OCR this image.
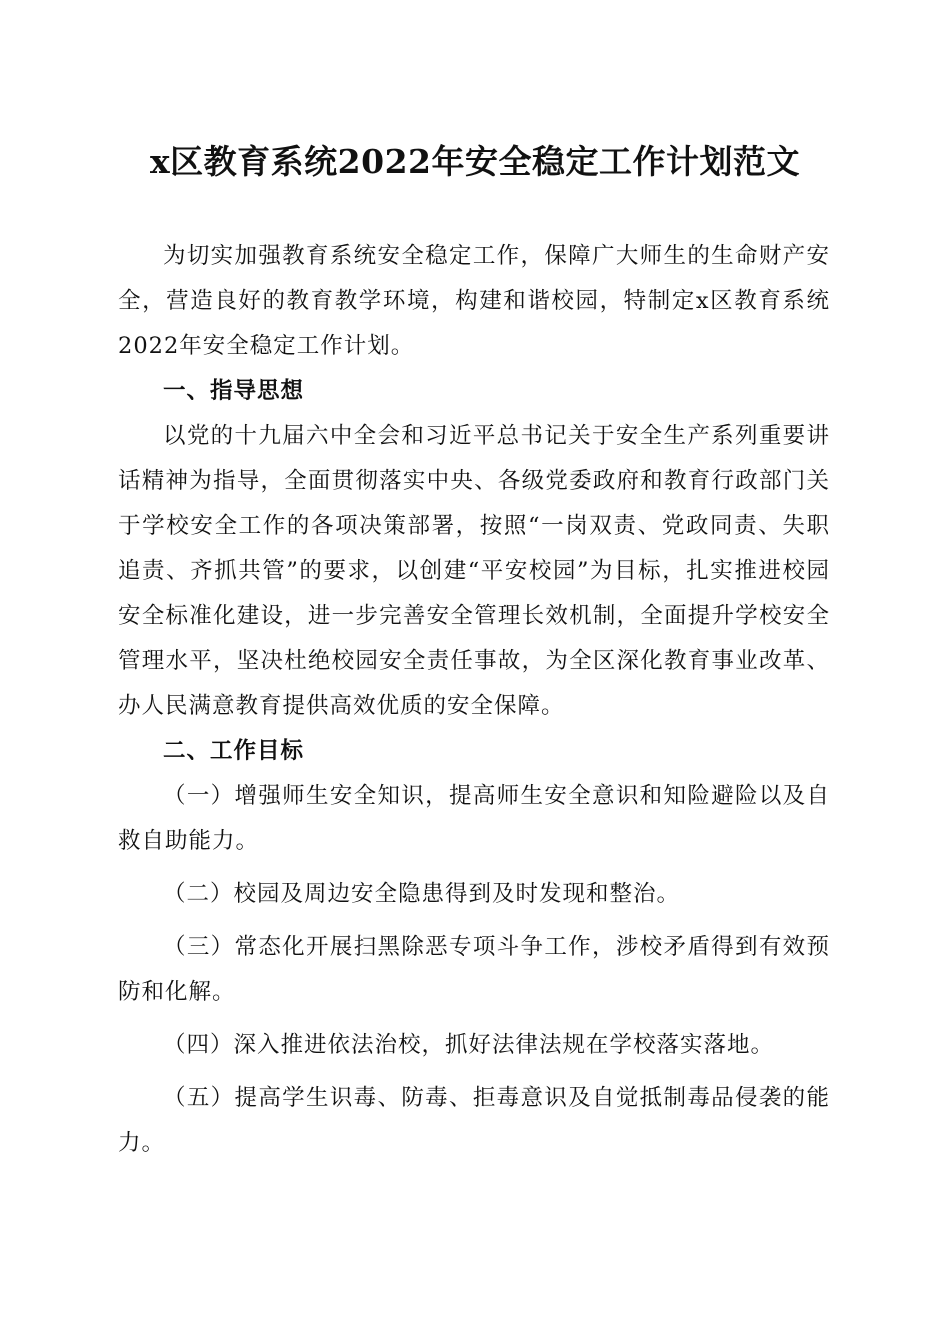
x区教育系统2022年安全稳定工作计划范文

为切实加强教育系统安全稳定工作，保障广大师生的生命财产安全，营造良好的教育教学环境，构建和谐校园，特制定x区教育系统2022年安全稳定工作计划。

一、指导思想

以党的十九届六中全会和习近平总书记关于安全生产系列重要讲话精神为指导，全面贯彻落实中央、各级党委政府和教育行政部门关于学校安全工作的各项决策部署，按照“一岗双责、党政同责、失职追责、齐抓共管”的要求，以创建“平安校园”为目标，扎实推进校园安全标准化建设，进一步完善安全管理长效机制，全面提升学校安全管理水平，坚决杜绝校园安全责任事故，为全区深化教育事业改革、办人民满意教育提供高效优质的安全保障。

二、工作目标

（一）增强师生安全知识，提高师生安全意识和知险避险以及自救自助能力。

（二）校园及周边安全隐患得到及时发现和整治。

（三）常态化开展扫黑除恶专项斗争工作，涉校矛盾得到有效预防和化解。

（四）深入推进依法治校，抓好法律法规在学校落实落地。

（五）提高学生识毒、防毒、拒毒意识及自觉抵制毒品侵袭的能力。
